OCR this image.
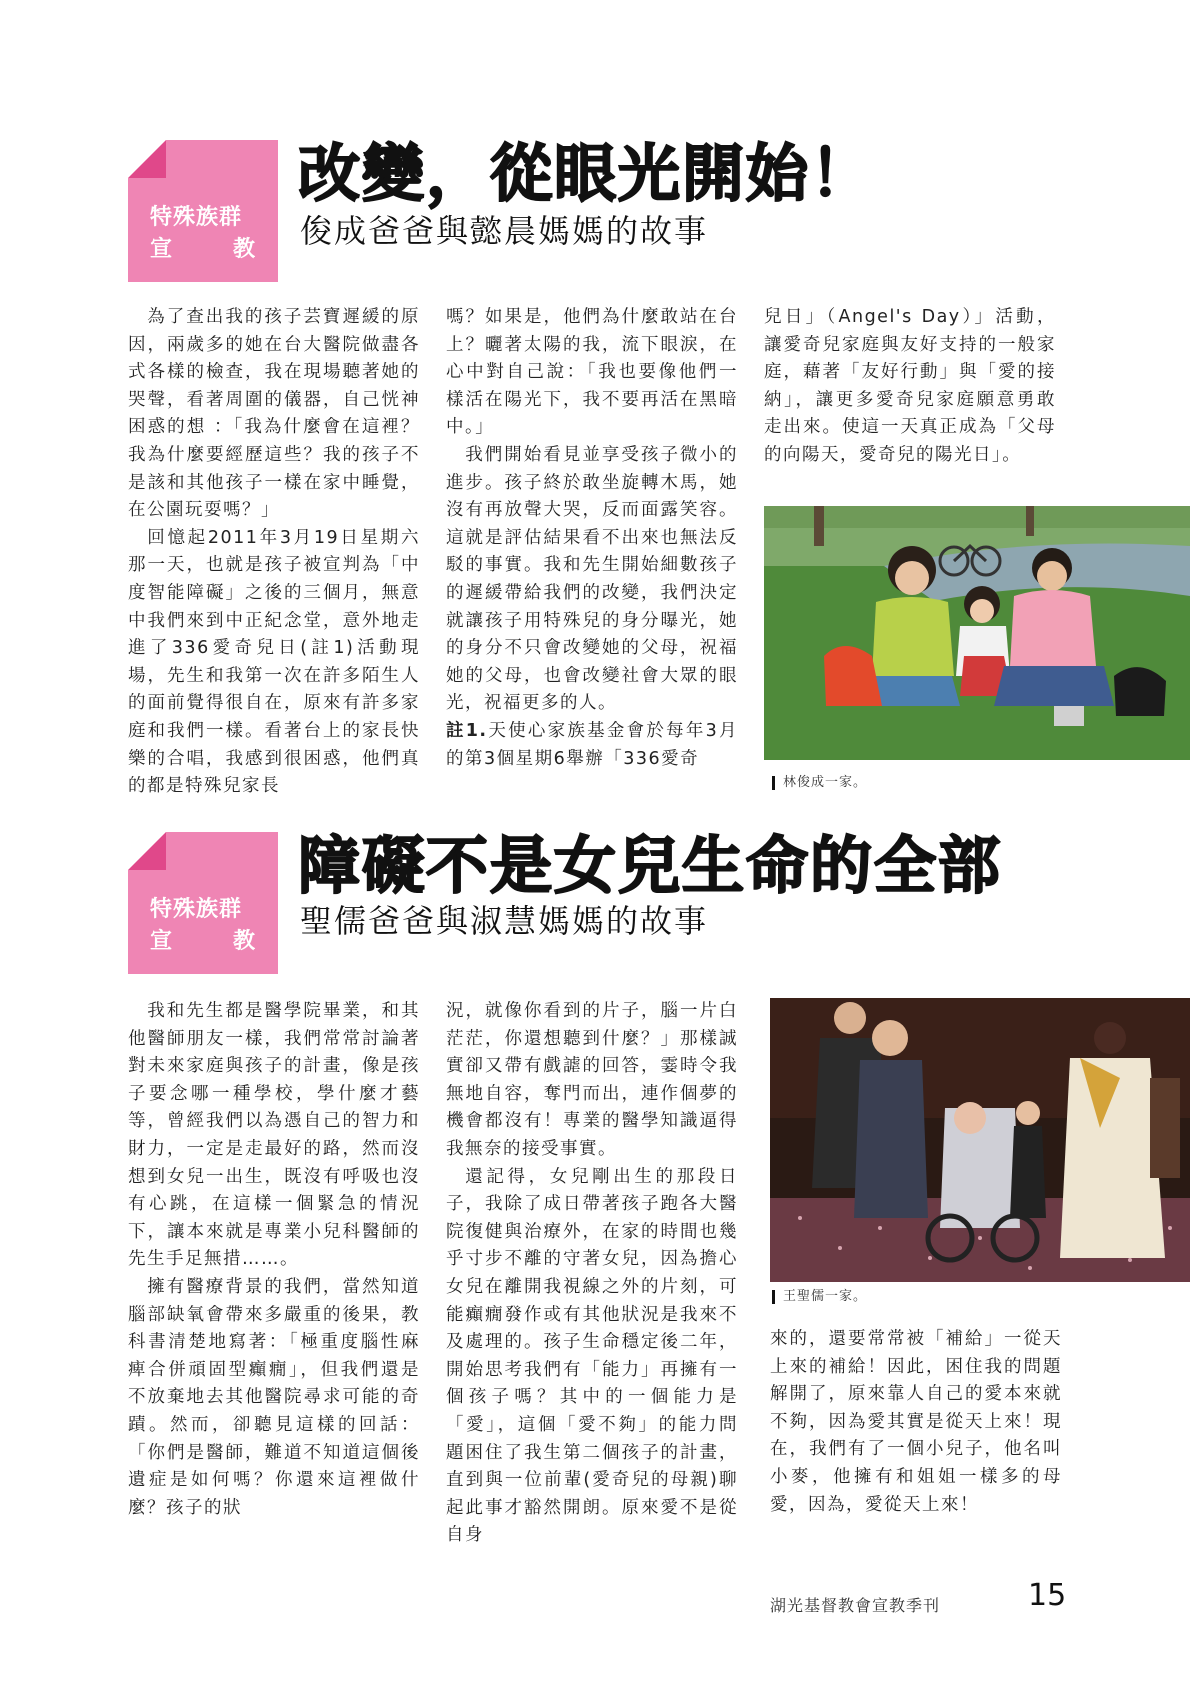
特殊族群
宣	教
改變，從眼光開始！
俊成爸爸與懿晨媽媽的故事

為了查出我的孩子芸寶遲緩的原因，兩歲多的她在台大醫院做盡各式各樣的檢查，我在現場聽著她的哭聲，看著周圍的儀器，自己恍神困惑的想 ：「我為什麼會在這裡？我為什麼要經歷這些？我的孩子不是該和其他孩子一樣在家中睡覺，在公園玩耍嗎？」

回憶起2011年3月19日星期六那一天，也就是孩子被宣判為「中度智能障礙」之後的三個月，無意中我們來到中正紀念堂，意外地走進了336愛奇兒日(註1)活動現場，先生和我第一次在許多陌生人的面前覺得很自在，原來有許多家庭和我們一樣。看著台上的家長快樂的合唱，我感到很困惑，他們真的都是特殊兒家長

嗎？如果是，他們為什麼敢站在台上？曬著太陽的我，流下眼淚，在心中對自己說：「我也要像他們一樣活在陽光下，我不要再活在黑暗中。」

我們開始看見並享受孩子微小的進步。孩子終於敢坐旋轉木馬，她沒有再放聲大哭，反而面露笑容。這就是評估結果看不出來也無法反駁的事實。我和先生開始細數孩子的遲緩帶給我們的改變，我們決定就讓孩子用特殊兒的身分曝光，她的身分不只會改變她的父母，祝福她的父母，也會改變社會大眾的眼光，祝福更多的人。

註1.天使心家族基金會於每年3月的第3個星期6舉辦「336愛奇

兒日」（Angel's Day）」活動，讓愛奇兒家庭與友好支持的一般家庭，藉著「友好行動」與「愛的接納」，讓更多愛奇兒家庭願意勇敢走出來。使這一天真正成為「父母的向陽天，愛奇兒的陽光日」。

林俊成一家。
特殊族群
宣	教
障礙不是女兒生命的全部
聖儒爸爸與淑慧媽媽的故事

我和先生都是醫學院畢業，和其他醫師朋友一樣，我們常常討論著對未來家庭與孩子的計畫，像是孩子要念哪一種學校，學什麼才藝等，曾經我們以為憑自己的智力和財力，一定是走最好的路，然而沒想到女兒一出生，既沒有呼吸也沒有心跳，在這樣一個緊急的情況下，讓本來就是專業小兒科醫師的先生手足無措……。

擁有醫療背景的我們，當然知道腦部缺氧會帶來多嚴重的後果，教科書清楚地寫著：「極重度腦性麻痺合併頑固型癲癇」，但我們還是不放棄地去其他醫院尋求可能的奇蹟。然而，卻聽見這樣的回話：「你們是醫師，難道不知道這個後遺症是如何嗎？你還來這裡做什麼？孩子的狀

況，就像你看到的片子，腦一片白茫茫，你還想聽到什麼？」那樣誠實卻又帶有戲謔的回答，霎時令我無地自容，奪門而出，連作個夢的機會都沒有！專業的醫學知識逼得我無奈的接受事實。

還記得，女兒剛出生的那段日子，我除了成日帶著孩子跑各大醫院復健與治療外，在家的時間也幾乎寸步不離的守著女兒，因為擔心女兒在離開我視線之外的片刻，可能癲癇發作或有其他狀況是我來不及處理的。孩子生命穩定後二年，開始思考我們有「能力」再擁有一個孩子嗎？其中的一個能力是「愛」，這個「愛不夠」的能力問題困住了我生第二個孩子的計畫，直到與一位前輩(愛奇兒的母親)聊起此事才豁然開朗。原來愛不是從自身

王聖儒一家。

來的，還要常常被「補給」一從天上來的補給！因此，困住我的問題解開了，原來靠人自己的愛本來就不夠，因為愛其實是從天上來！現在，我們有了一個小兒子，他名叫小麥，他擁有和姐姐一樣多的母愛，因為，愛從天上來！

湖光基督教會宣教季刊	15
